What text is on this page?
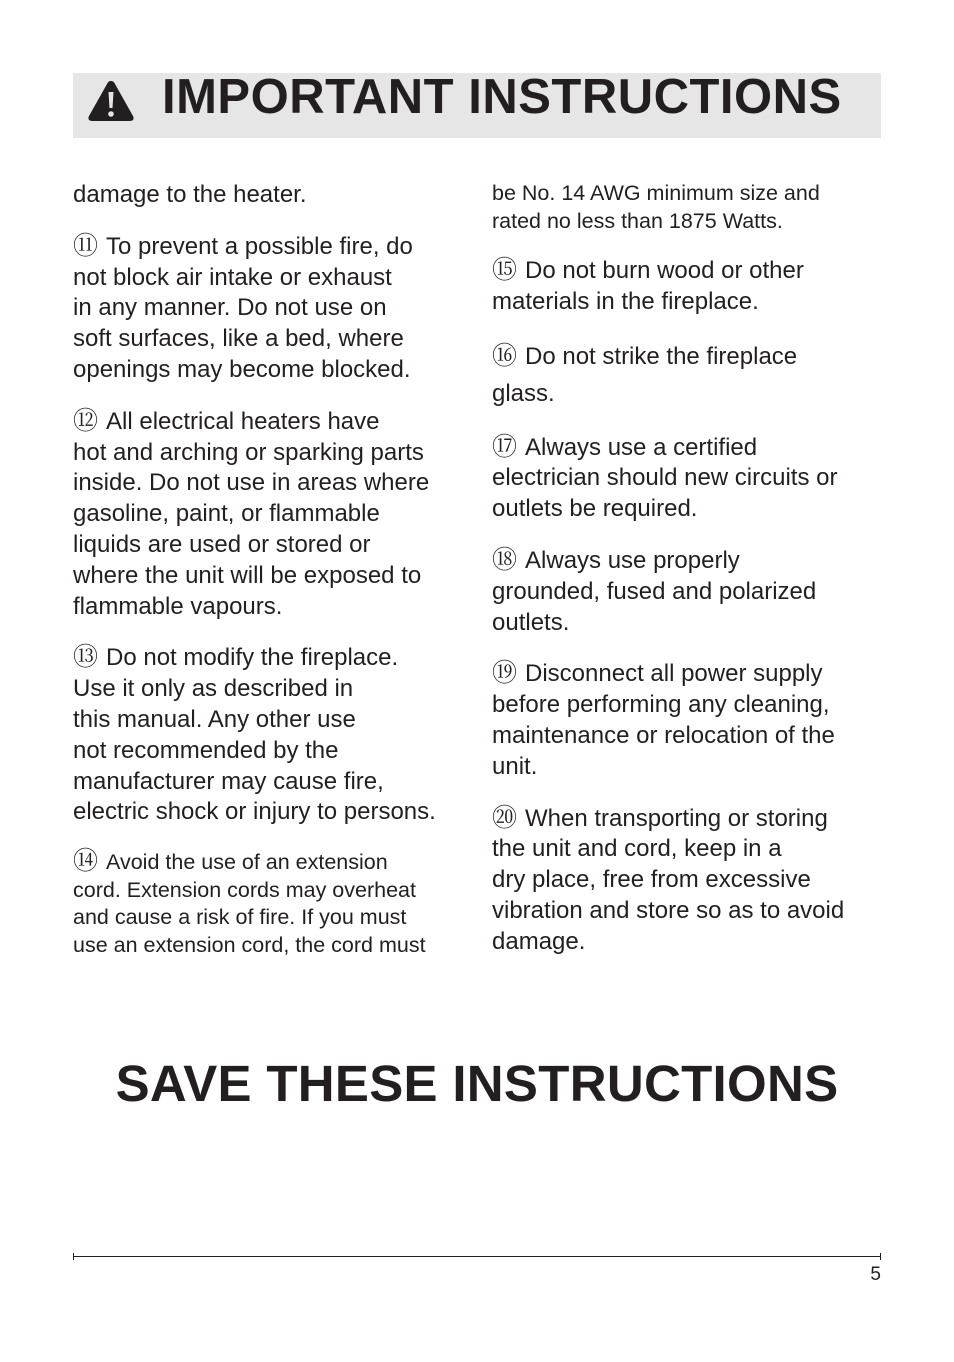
IMPORTANT INSTRUCTIONS

damage to the heater.

⑪ To prevent a possible fire, do
not block air intake or exhaust
in any manner. Do not use on
soft surfaces, like a bed, where
openings may become blocked.

⑫ All electrical heaters have
hot and arching or sparking parts
inside. Do not use in areas where
gasoline, paint, or flammable
liquids are used or stored or
where the unit will be exposed to
flammable vapours.

⑬ Do not modify the fireplace.
Use it only as described in
this manual. Any other use
not recommended by the
manufacturer may cause fire,
electric shock or injury to persons.

⑭ Avoid the use of an extension
cord. Extension cords may overheat
and cause a risk of fire. If you must
use an extension cord, the cord must

be No. 14 AWG minimum size and
rated no less than 1875 Watts.

⑮ Do not burn wood or other
materials in the fireplace.

⑯ Do not strike the fireplace
glass.

⑰ Always use a certified
electrician should new circuits or
outlets be required.

⑱ Always use properly
grounded, fused and polarized
outlets.

⑲ Disconnect all power supply
before performing any cleaning,
maintenance or relocation of the
unit.

⑳ When transporting or storing
the unit and cord, keep in a
dry place, free from excessive
vibration and store so as to avoid
damage.

SAVE THESE INSTRUCTIONS
5
